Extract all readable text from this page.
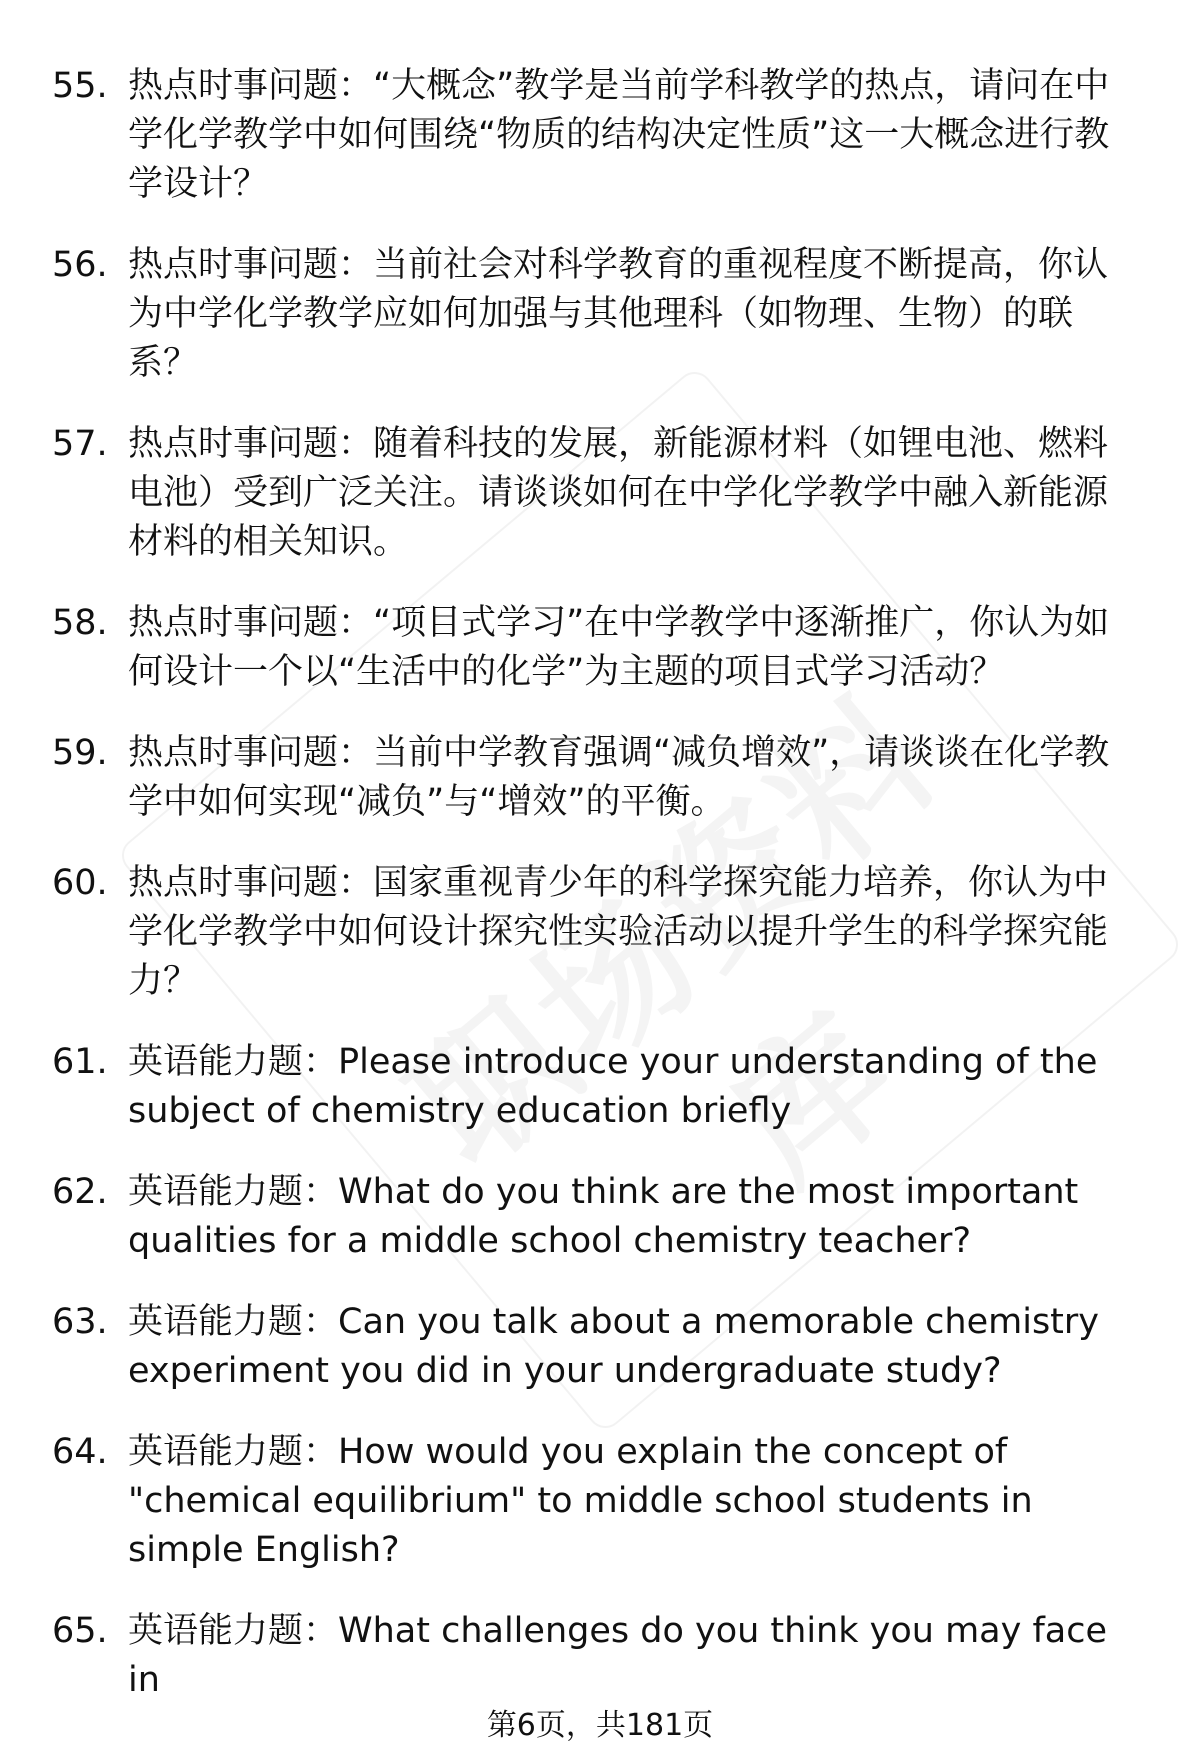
55. 热点时事问题：“大概念”教学是当前学科教学的热点，请问在中学化学教学中如何围绕“物质的结构决定性质”这一大概念进行教学设计？
56. 热点时事问题：当前社会对科学教育的重视程度不断提高，你认为中学化学教学应如何加强与其他理科（如物理、生物）的联系？
57. 热点时事问题：随着科技的发展，新能源材料（如锂电池、燃料电池）受到广泛关注。请谈谈如何在中学化学教学中融入新能源材料的相关知识。
58. 热点时事问题：“项目式学习”在中学教学中逐渐推广，你认为如何设计一个以“生活中的化学”为主题的项目式学习活动？
59. 热点时事问题：当前中学教育强调“减负增效”，请谈谈在化学教学中如何实现“减负”与“增效”的平衡。
60. 热点时事问题：国家重视青少年的科学探究能力培养，你认为中学化学教学中如何设计探究性实验活动以提升学生的科学探究能力？
61. 英语能力题：Please introduce your understanding of the subject of chemistry education briefly
62. 英语能力题：What do you think are the most important qualities for a middle school chemistry teacher?
63. 英语能力题：Can you talk about a memorable chemistry experiment you did in your undergraduate study?
64. 英语能力题：How would you explain the concept of "chemical equilibrium" to middle school students in simple English?
65. 英语能力题：What challenges do you think you may face in
第6页，共181页
